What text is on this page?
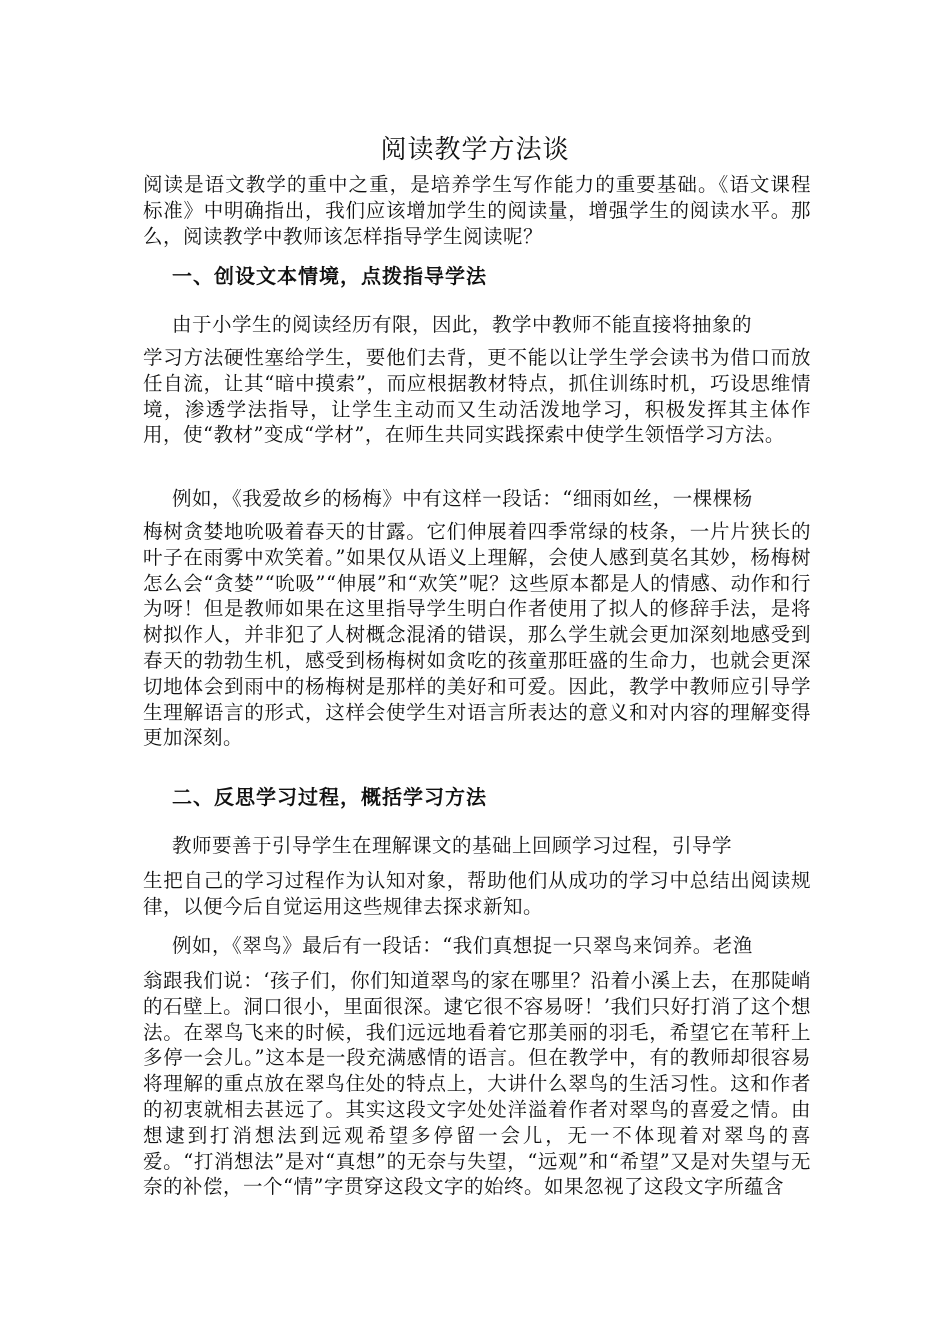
阅读教学方法谈
阅读是语文教学的重中之重，是培养学生写作能力的重要基础。《语文课程标准》中明确指出，我们应该增加学生的阅读量，增强学生的阅读水平。那么，阅读教学中教师该怎样指导学生阅读呢？
一、创设文本情境，点拨指导学法
由于小学生的阅读经历有限，因此，教学中教师不能直接将抽象的
学习方法硬性塞给学生，要他们去背，更不能以让学生学会读书为借口而放任自流，让其“暗中摸索”，而应根据教材特点，抓住训练时机，巧设思维情境，渗透学法指导，让学生主动而又生动活泼地学习，积极发挥其主体作用，使“教材”变成“学材”，在师生共同实践探索中使学生领悟学习方法。
例如，《我爱故乡的杨梅》中有这样一段话：“细雨如丝，一棵棵杨
梅树贪婪地吮吸着春天的甘露。它们伸展着四季常绿的枝条，一片片狭长的叶子在雨雾中欢笑着。”如果仅从语义上理解，会使人感到莫名其妙，杨梅树怎么会“贪婪”“吮吸”“伸展”和“欢笑”呢？这些原本都是人的情感、动作和行为呀！但是教师如果在这里指导学生明白作者使用了拟人的修辞手法，是将树拟作人，并非犯了人树概念混淆的错误，那么学生就会更加深刻地感受到春天的勃勃生机，感受到杨梅树如贪吃的孩童那旺盛的生命力，也就会更深切地体会到雨中的杨梅树是那样的美好和可爱。因此，教学中教师应引导学生理解语言的形式，这样会使学生对语言所表达的意义和对内容的理解变得更加深刻。
二、反思学习过程，概括学习方法
教师要善于引导学生在理解课文的基础上回顾学习过程，引导学
生把自己的学习过程作为认知对象，帮助他们从成功的学习中总结出阅读规律，以便今后自觉运用这些规律去探求新知。
例如，《翠鸟》最后有一段话：“我们真想捉一只翠鸟来饲养。老渔
翁跟我们说：‘孩子们，你们知道翠鸟的家在哪里？沿着小溪上去，在那陡峭的石壁上。洞口很小，里面很深。逮它很不容易呀！’我们只好打消了这个想法。在翠鸟飞来的时候，我们远远地看着它那美丽的羽毛，希望它在苇秆上多停一会儿。”这本是一段充满感情的语言。但在教学中，有的教师却很容易将理解的重点放在翠鸟住处的特点上，大讲什么翠鸟的生活习性。这和作者的初衷就相去甚远了。其实这段文字处处洋溢着作者对翠鸟的喜爱之情。由想逮到打消想法到远观希望多停留一会儿，无一不体现着对翠鸟的喜爱。“打消想法”是对“真想”的无奈与失望，“远观”和“希望”又是对失望与无奈的补偿，一个“情”字贯穿这段文字的始终。如果忽视了这段文字所蕴含
